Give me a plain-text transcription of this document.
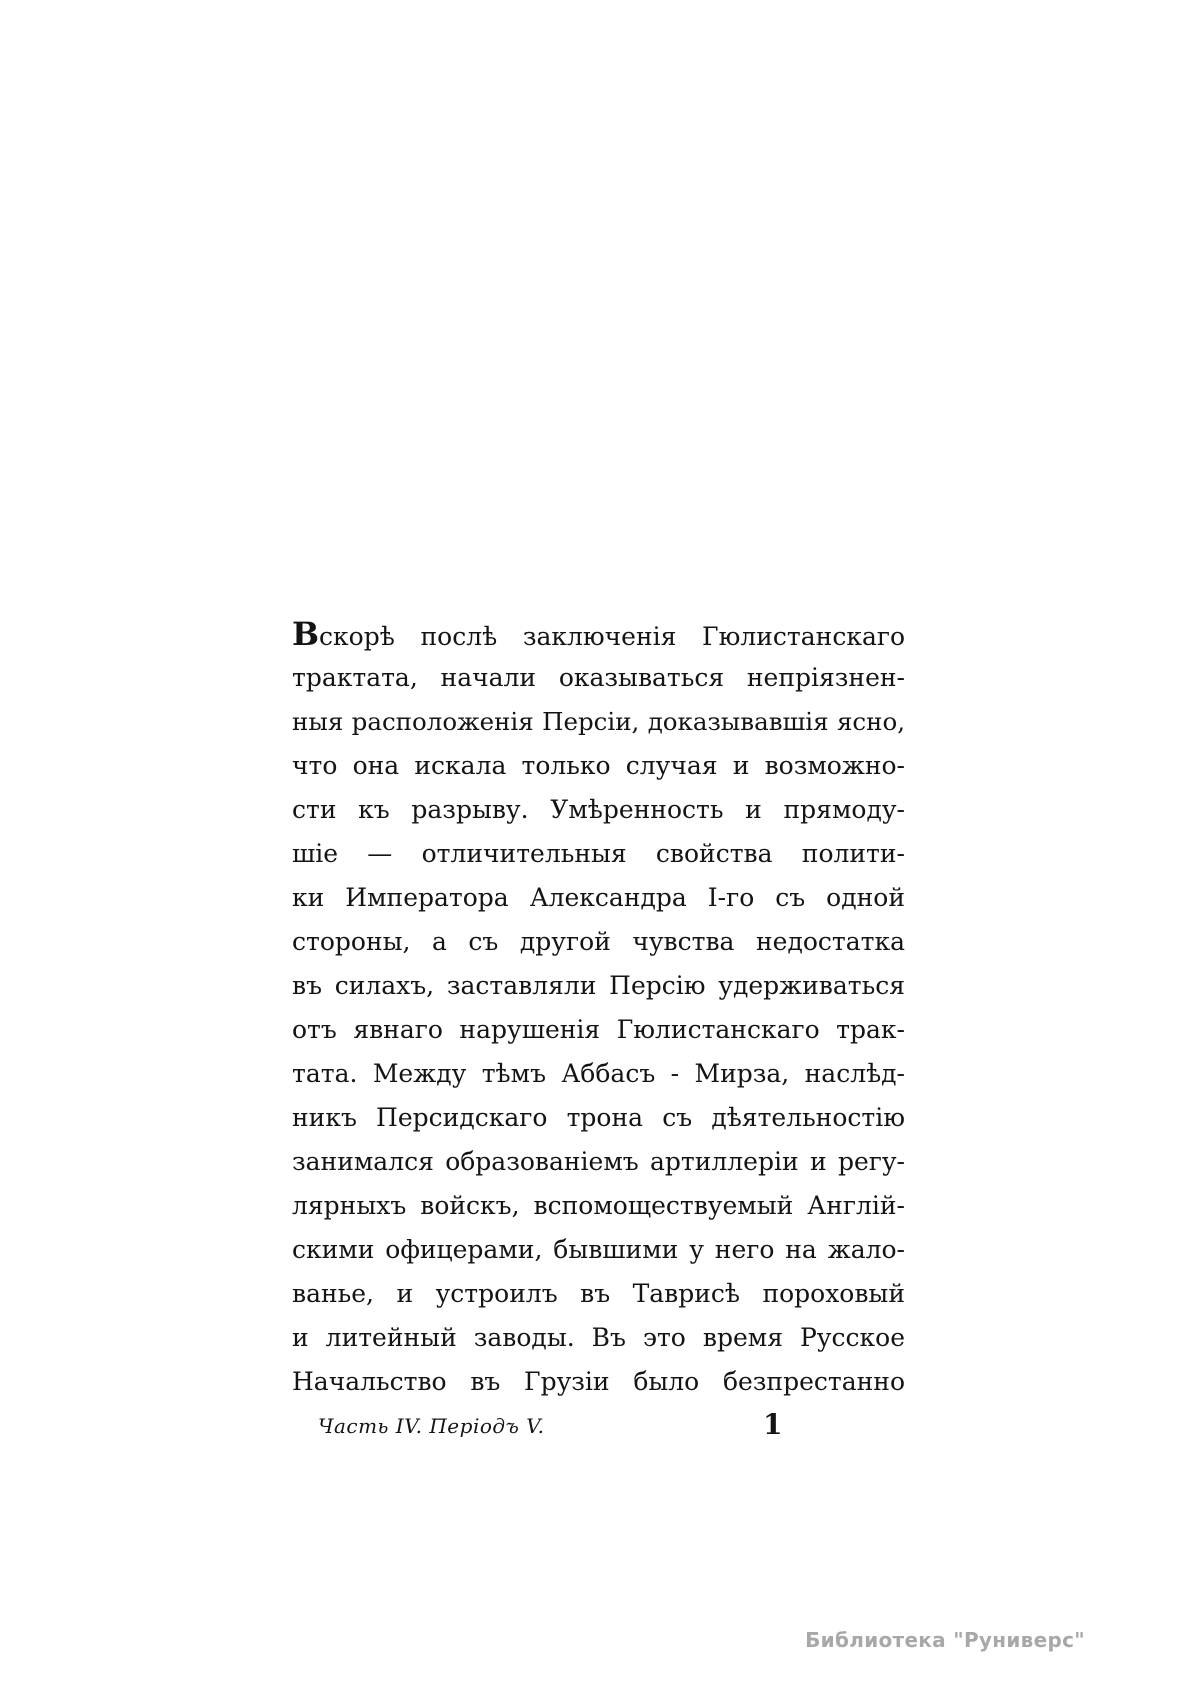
Вскорѣ послѣ заключенія Гюлистанскаго
трактата, начали оказываться непріязнен-
ныя расположенія Персіи, доказывавшія ясно,
что она искала только случая и возможно-
сти къ разрыву. Умѣренность и прямоду-
шіе — отличительныя свойства полити-
ки Императора Александра I-го съ одной
стороны, а съ другой чувства недостатка
въ силахъ, заставляли Персію удерживаться
отъ явнаго нарушенія Гюлистанскаго трак-
тата. Между тѣмъ Аббасъ - Мирза, наслѣд-
никъ Персидскаго трона съ дѣятельностію
занимался образованіемъ артиллеріи и регу-
лярныхъ войскъ, вспомоществуемый Англій-
скими офицерами, бывшими у него на жало-
ванье, и устроилъ въ Таврисѣ пороховый
и литейный заводы. Въ это время Русское
Начальство въ Грузіи было безпрестанно
Часть IV. Періодъ V.	1
Библиотека "Руниверс"
